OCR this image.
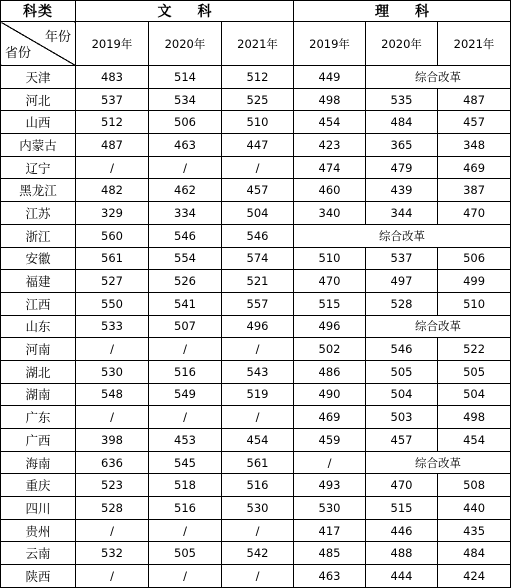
科类	文科			理科		

年份
省份	2019年	2020年	2021年	2019年	2020年	2021年
天津	483	514	512	449	综合改革	
河北	537	534	525	498	535	487
山西	512	506	510	454	484	457
内蒙古	487	463	447	423	365	348
辽宁	/	/	/	474	479	469
黑龙江	482	462	457	460	439	387
江苏	329	334	504	340	344	470
浙江	560	546	546	综合改革		
安徽	561	554	574	510	537	506
福建	527	526	521	470	497	499
江西	550	541	557	515	528	510
山东	533	507	496	496	综合改革	
河南	/	/	/	502	546	522
湖北	530	516	543	486	505	505
湖南	548	549	519	490	504	504
广东	/	/	/	469	503	498
广西	398	453	454	459	457	454
海南	636	545	561	/	综合改革	
重庆	523	518	516	493	470	508
四川	528	516	530	530	515	440
贵州	/	/	/	417	446	435
云南	532	505	542	485	488	484
陕西	/	/	/	463	444	424
